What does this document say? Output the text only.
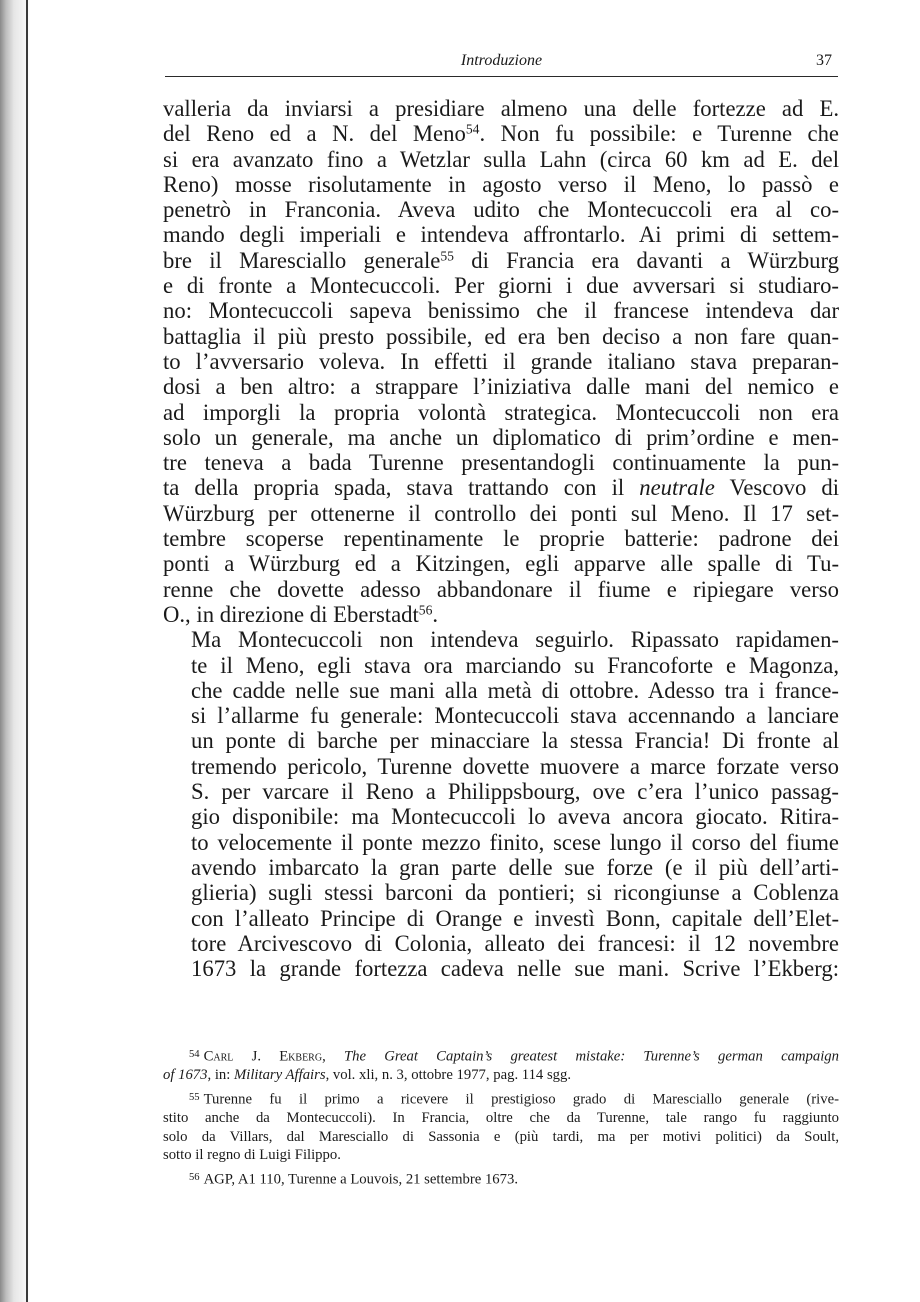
Introduzione	37

valleria da inviarsi a presidiare almeno una delle fortezze ad E.
del Reno ed a N. del Meno$^{54}$. Non fu possibile: e Turenne che
si era avanzato fino a Wetzlar sulla Lahn (circa 60 km ad E. del
Reno) mosse risolutamente in agosto verso il Meno, lo passò e
penetrò in Franconia. Aveva udito che Montecuccoli era al co-
mando degli imperiali e intendeva affrontarlo. Ai primi di settem-
bre il Maresciallo generale$^{55}$ di Francia era davanti a Würzburg
e di fronte a Montecuccoli. Per giorni i due avversari si studiaro-
no: Montecuccoli sapeva benissimo che il francese intendeva dar
battaglia il più presto possibile, ed era ben deciso a non fare quan-
to l’avversario voleva. In effetti il grande italiano stava preparan-
dosi a ben altro: a strappare l’iniziativa dalle mani del nemico e
ad imporgli la propria volontà strategica. Montecuccoli non era
solo un generale, ma anche un diplomatico di prim’ordine e men-
tre teneva a bada Turenne presentandogli continuamente la pun-
ta della propria spada, stava trattando con il neutrale Vescovo di
Würzburg per ottenerne il controllo dei ponti sul Meno. Il 17 set-
tembre scoperse repentinamente le proprie batterie: padrone dei
ponti a Würzburg ed a Kitzingen, egli apparve alle spalle di Tu-
renne che dovette adesso abbandonare il fiume e ripiegare verso
O., in direzione di Eberstadt$^{56}$.

Ma Montecuccoli non intendeva seguirlo. Ripassato rapidamen-
te il Meno, egli stava ora marciando su Francoforte e Magonza,
che cadde nelle sue mani alla metà di ottobre. Adesso tra i france-
si l’allarme fu generale: Montecuccoli stava accennando a lanciare
un ponte di barche per minacciare la stessa Francia! Di fronte al
tremendo pericolo, Turenne dovette muovere a marce forzate verso
S. per varcare il Reno a Philippsbourg, ove c’era l’unico passag-
gio disponibile: ma Montecuccoli lo aveva ancora giocato. Ritira-
to velocemente il ponte mezzo finito, scese lungo il corso del fiume
avendo imbarcato la gran parte delle sue forze (e il più dell’arti-
glieria) sugli stessi barconi da pontieri; si ricongiunse a Coblenza
con l’alleato Principe di Orange e investì Bonn, capitale dell’Elet-
tore Arcivescovo di Colonia, alleato dei francesi: il 12 novembre
1673 la grande fortezza cadeva nelle sue mani. Scrive l’Ekberg:

$^{54}$ Carl J. Ekberg, The Great Captain’s greatest mistake: Turenne’s german campaign
of 1673, in: Military Affairs, vol. xli, n. 3, ottobre 1977, pag. 114 sgg.
$^{55}$ Turenne fu il primo a ricevere il prestigioso grado di Maresciallo generale (rive-
stito anche da Montecuccoli). In Francia, oltre che da Turenne, tale rango fu raggiunto
solo da Villars, dal Maresciallo di Sassonia e (più tardi, ma per motivi politici) da Soult,
sotto il regno di Luigi Filippo.
$^{56}$ AGP, A1 110, Turenne a Louvois, 21 settembre 1673.
